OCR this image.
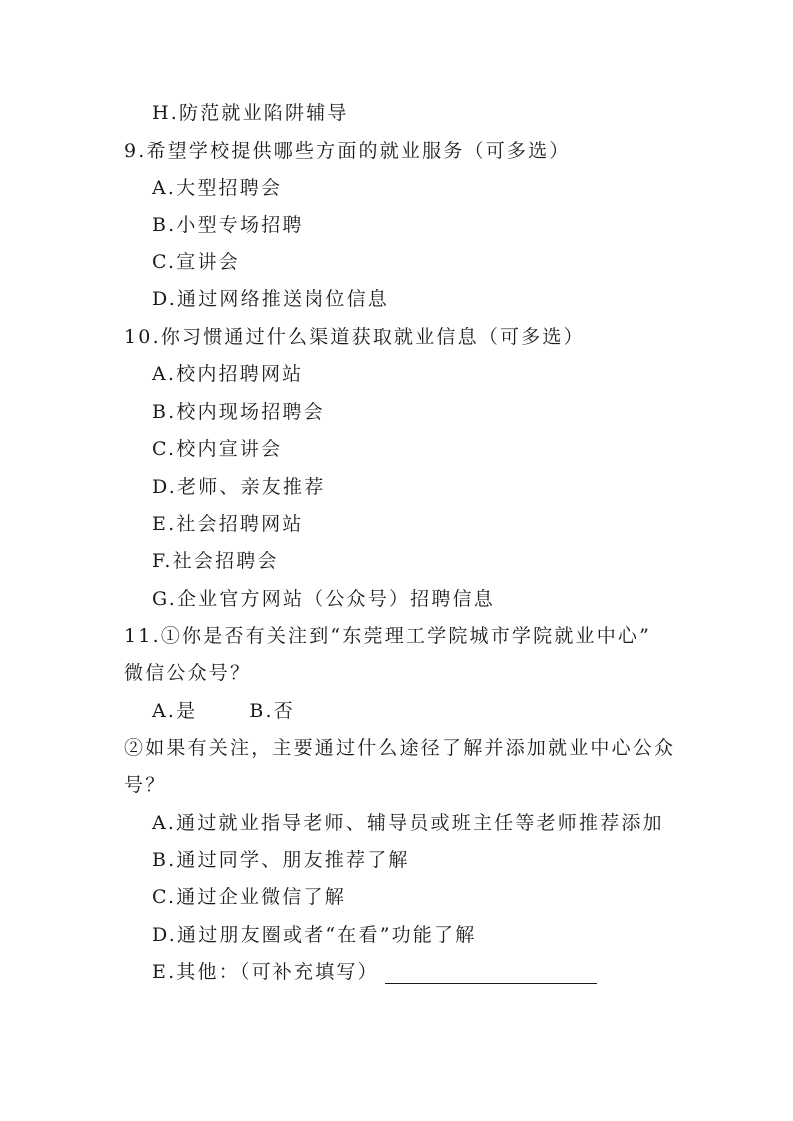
H.防范就业陷阱辅导
9.希望学校提供哪些方面的就业服务（可多选）
A.大型招聘会
B.小型专场招聘
C.宣讲会
D.通过网络推送岗位信息
10.你习惯通过什么渠道获取就业信息（可多选）
A.校内招聘网站
B.校内现场招聘会
C.校内宣讲会
D.老师、亲友推荐
E.社会招聘网站
F.社会招聘会
G.企业官方网站（公众号）招聘信息
11.①你是否有关注到“东莞理工学院城市学院就业中心”
微信公众号？
A.是	B.否
②如果有关注，主要通过什么途径了解并添加就业中心公众
号？
A.通过就业指导老师、辅导员或班主任等老师推荐添加
B.通过同学、朋友推荐了解
C.通过企业微信了解
D.通过朋友圈或者“在看”功能了解
E.其他：（可补充填写）
